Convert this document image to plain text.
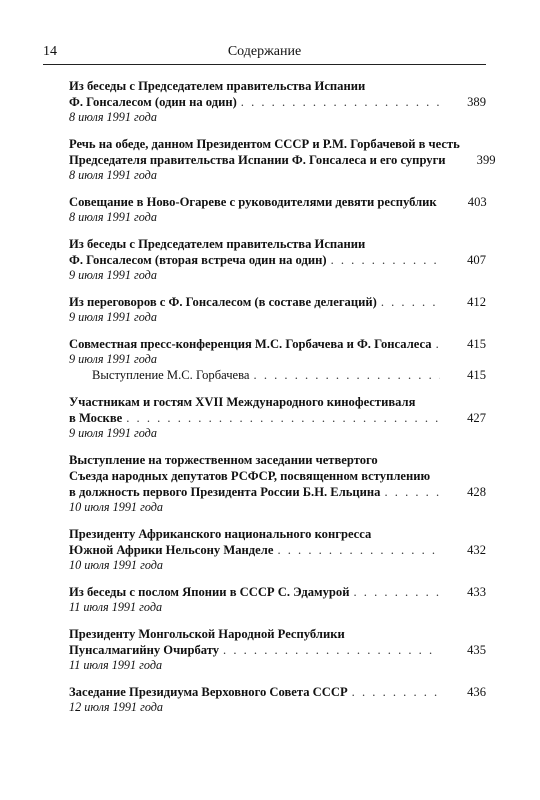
14	Содержание
Из беседы с Председателем правительства Испании
Ф. Гонсалесом (один на один) . . .	389
8 июля 1991 года
Речь на обеде, данном Президентом СССР и Р.М. Горбачевой в честь
Председателя правительства Испании Ф. Гонсалеса и его супруги	399
8 июля 1991 года
Совещание в Ново-Огареве с руководителями девяти республик	403
8 июля 1991 года
Из беседы с Председателем правительства Испании
Ф. Гонсалесом (вторая встреча один на один) . . .	407
9 июля 1991 года
Из переговоров с Ф. Гонсалесом (в составе делегаций) . . .	412
9 июля 1991 года
Совместная пресс-конференция М.С. Горбачева и Ф. Гонсалеса . . .	415
9 июля 1991 года
Выступление М.С. Горбачева . . .	415
Участникам и гостям XVII Международного кинофестиваля
в Москве . . .	427
9 июля 1991 года
Выступление на торжественном заседании четвертого
Съезда народных депутатов РСФСР, посвященном вступлению
в должность первого Президента России Б.Н. Ельцина . . .	428
10 июля 1991 года
Президенту Африканского национального конгресса
Южной Африки Нельсону Манделе . . .	432
10 июля 1991 года
Из беседы с послом Японии в СССР С. Эдамурой . . .	433
11 июля 1991 года
Президенту Монгольской Народной Республики
Пунсалмагийну Очирбату . . .	435
11 июля 1991 года
Заседание Президиума Верховного Совета СССР . . .	436
12 июля 1991 года
